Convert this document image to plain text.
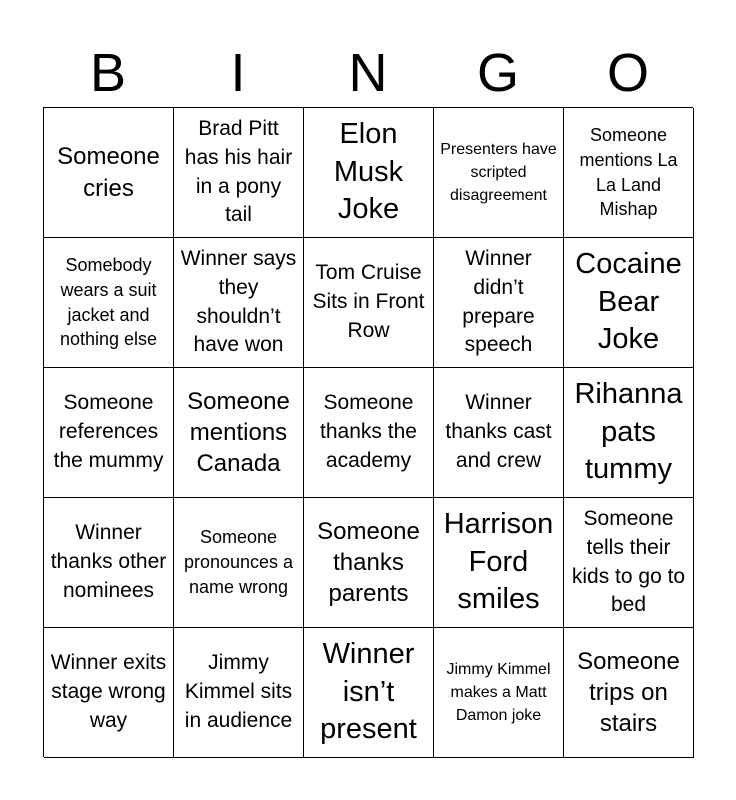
B	I	N	G	O
Someone cries
Brad Pitt has his hair in a pony tail
Elon Musk Joke
Presenters have scripted disagreement
Someone mentions La La Land Mishap
Somebody wears a suit jacket and nothing else
Winner says they shouldn’t have won
Tom Cruise Sits in Front Row
Winner didn’t prepare speech
Cocaine Bear Joke
Someone references the mummy
Someone mentions Canada
Someone thanks the academy
Winner thanks cast and crew
Rihanna pats tummy
Winner thanks other nominees
Someone pronounces a name wrong
Someone thanks parents
Harrison Ford smiles
Someone tells their kids to go to bed
Winner exits stage wrong way
Jimmy Kimmel sits in audience
Winner isn’t present
Jimmy Kimmel makes a Matt Damon joke
Someone trips on stairs
